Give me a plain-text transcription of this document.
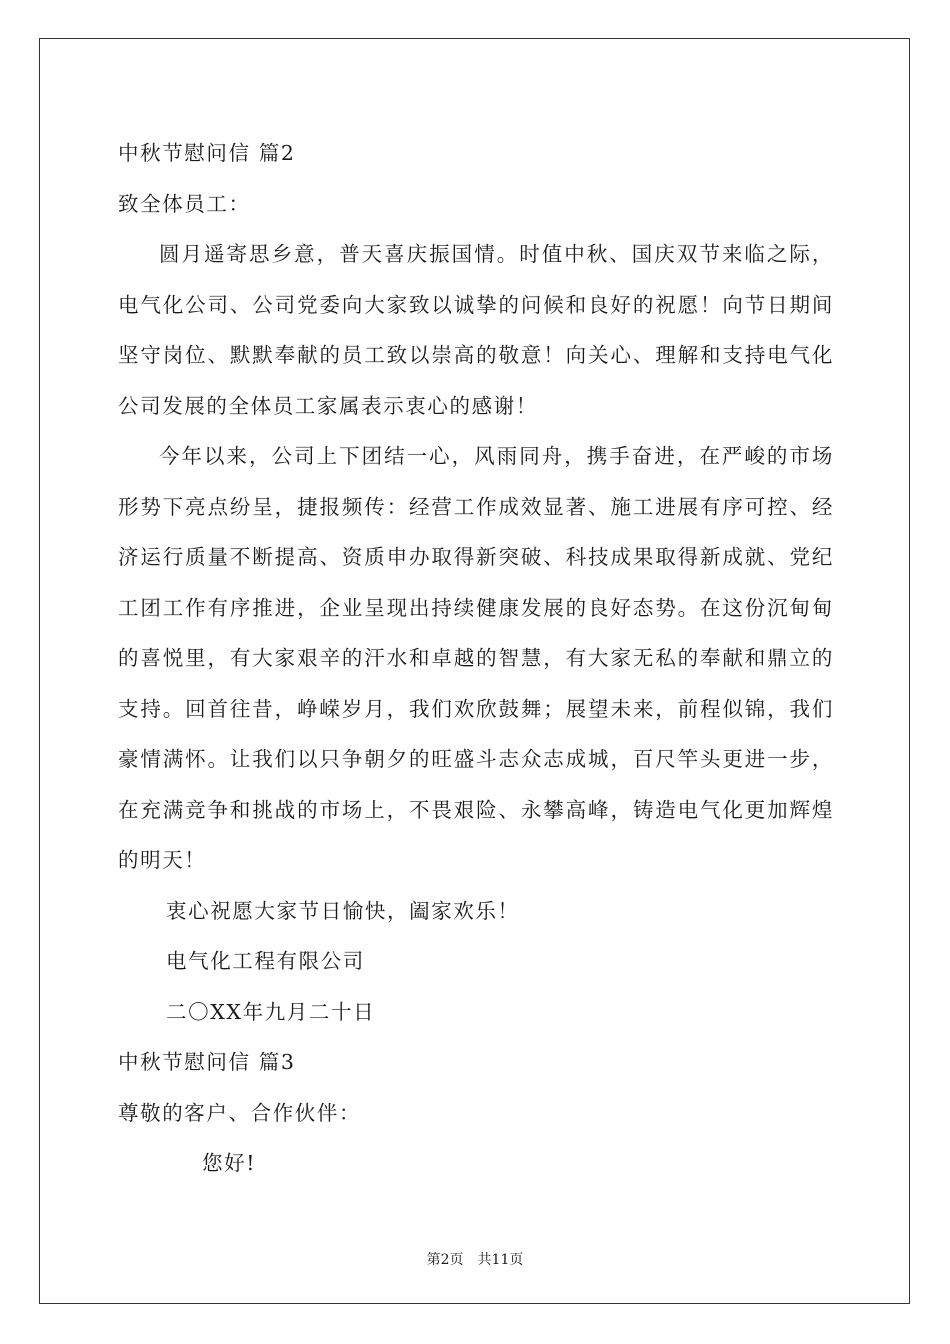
中秋节慰问信 篇2
致全体员工：

圆月遥寄思乡意，普天喜庆振国情。时值中秋、国庆双节来临之际，电气化公司、公司党委向大家致以诚挚的问候和良好的祝愿！向节日期间坚守岗位、默默奉献的员工致以崇高的敬意！向关心、理解和支持电气化公司发展的全体员工家属表示衷心的感谢！

今年以来，公司上下团结一心，风雨同舟，携手奋进，在严峻的市场形势下亮点纷呈，捷报频传：经营工作成效显著、施工进展有序可控、经济运行质量不断提高、资质申办取得新突破、科技成果取得新成就、党纪工团工作有序推进，企业呈现出持续健康发展的良好态势。在这份沉甸甸的喜悦里，有大家艰辛的汗水和卓越的智慧，有大家无私的奉献和鼎立的支持。回首往昔，峥嵘岁月，我们欢欣鼓舞；展望未来，前程似锦，我们豪情满怀。让我们以只争朝夕的旺盛斗志众志成城，百尺竿头更进一步，在充满竞争和挑战的市场上，不畏艰险、永攀高峰，铸造电气化更加辉煌的明天！

衷心祝愿大家节日愉快，阖家欢乐！
电气化工程有限公司
二〇XX年九月二十日
中秋节慰问信 篇3
尊敬的客户、合作伙伴：
您好!
第2页　共11页
